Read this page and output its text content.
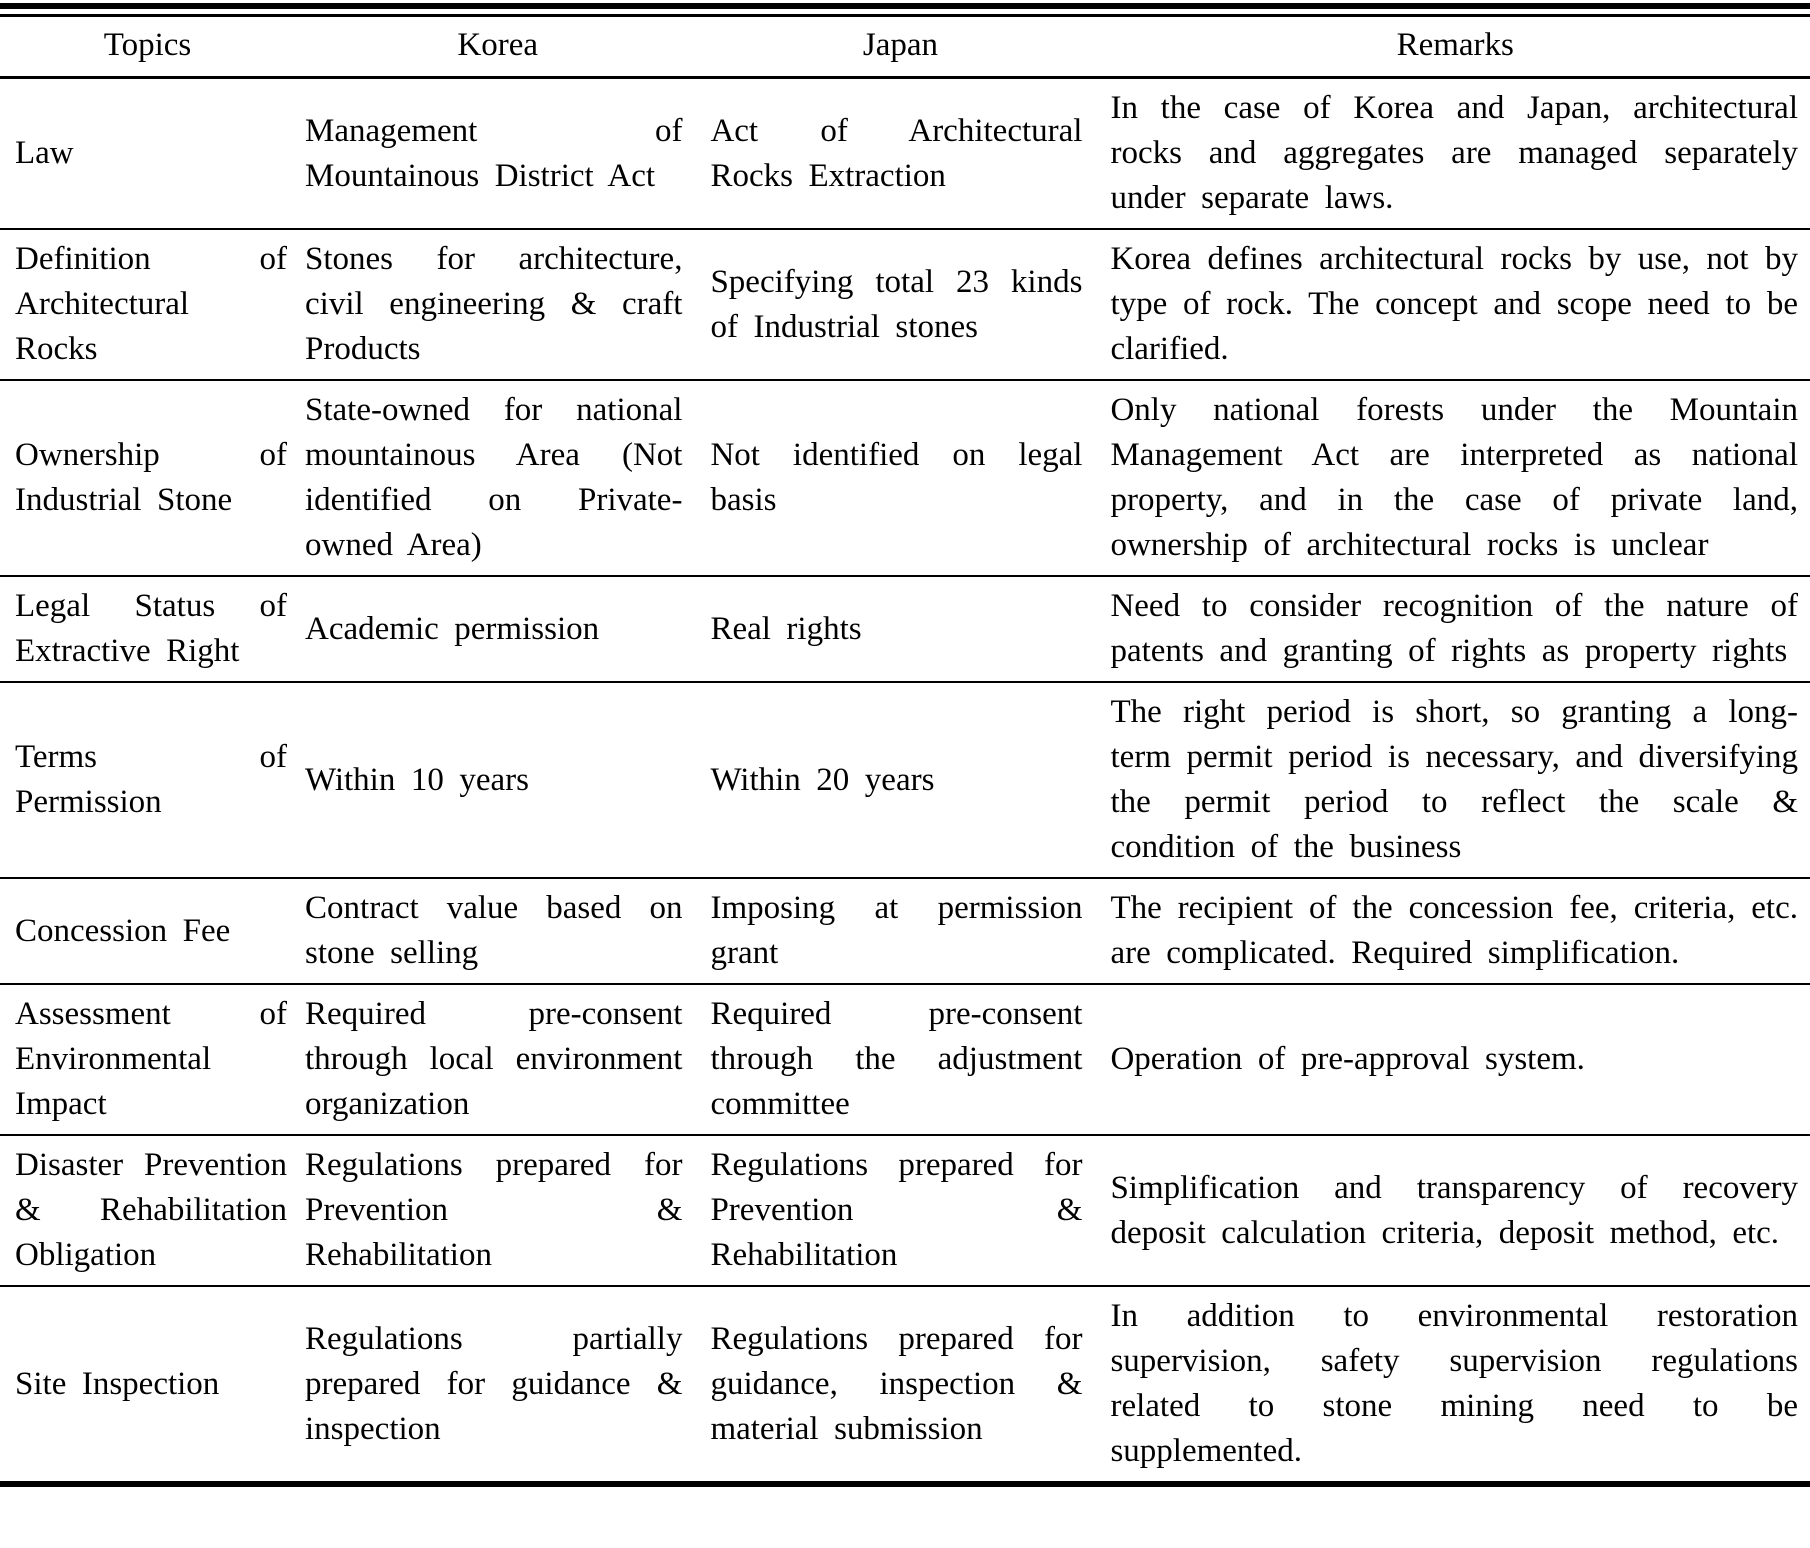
Topics	Korea	Japan	Remarks
Law	Management of Mountainous District Act	Act of Architectural Rocks Extraction	In the case of Korea and Japan, architectural rocks and aggregates are managed separately under separate laws.
Definition of Architectural Rocks	Stones for architecture, civil engineering & craft Products	Specifying total 23 kinds of Industrial stones	Korea defines architectural rocks by use, not by type of rock. The concept and scope need to be clarified.
Ownership of Industrial Stone	State-owned for national mountainous Area (Not identified on Private-owned Area)	Not identified on legal basis	Only national forests under the Mountain Management Act are interpreted as national property, and in the case of private land, ownership of architectural rocks is unclear
Legal Status of Extractive Right	Academic permission	Real rights	Need to consider recognition of the nature of patents and granting of rights as property rights
Terms of Permission	Within 10 years	Within 20 years	The right period is short, so granting a long-term permit period is necessary, and diversifying the permit period to reflect the scale & condition of the business
Concession Fee	Contract value based on stone selling	Imposing at permission grant	The recipient of the concession fee, criteria, etc. are complicated. Required simplification.
Assessment of Environmental Impact	Required pre-consent through local environment organization	Required pre-consent through the adjustment committee	Operation of pre-approval system.
Disaster Prevention & Rehabilitation Obligation	Regulations prepared for Prevention & Rehabilitation	Regulations prepared for Prevention & Rehabilitation	Simplification and transparency of recovery deposit calculation criteria, deposit method, etc.
Site Inspection	Regulations partially prepared for guidance & inspection	Regulations prepared for guidance, inspection & material submission	In addition to environmental restoration supervision, safety supervision regulations related to stone mining need to be supplemented.
